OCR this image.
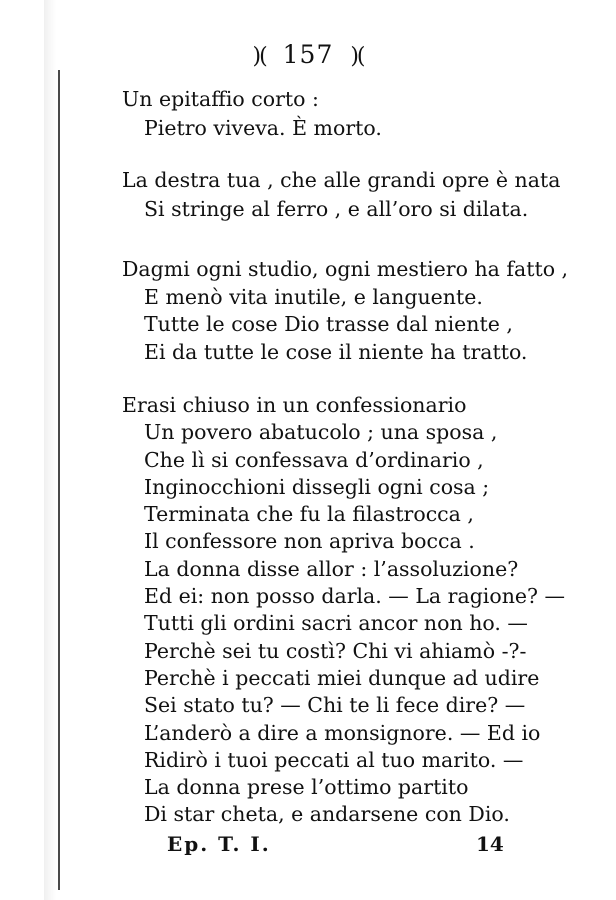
)( 157 )(
Un epitaffio corto :
Pietro viveva. È morto.
La destra tua , che alle grandi opre è nata
Si stringe al ferro , e all’oro si dilata.
Dagmi ogni studio, ogni mestiero ha fatto ,
E menò vita inutile, e languente.
Tutte le cose Dio trasse dal niente ,
Ei da tutte le cose il niente ha tratto.
Erasi chiuso in un confessionario
Un povero abatucolo ; una sposa ,
Che lì si confessava d’ordinario ,
Inginocchioni dissegli ogni cosa ;
Terminata che fu la filastrocca ,
Il confessore non apriva bocca .
La donna disse allor : l’assoluzione?
Ed ei: non posso darla. — La ragione? —
Tutti gli ordini sacri ancor non ho. —
Perchè sei tu costì? Chi vi ahiamò -?-
Perchè i peccati miei dunque ad udire
Sei stato tu? — Chi te li fece dire? —
L’anderò a dire a monsignore. — Ed io
Ridirò i tuoi peccati al tuo marito. —
La donna prese l’ottimo partito
Di star cheta, e andarsene con Dio.
Ep. T. I.	14
